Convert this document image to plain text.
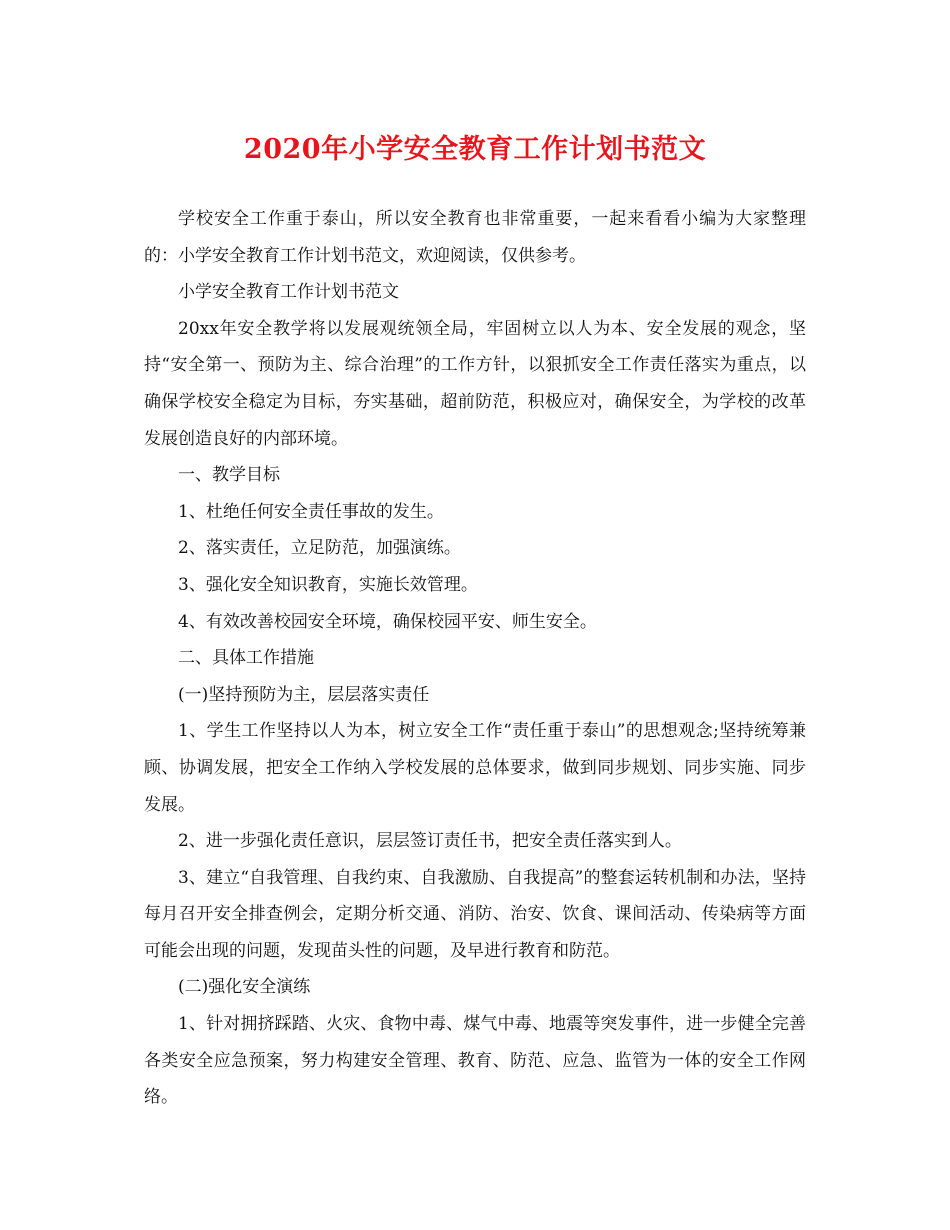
2020年小学安全教育工作计划书范文

学校安全工作重于泰山，所以安全教育也非常重要，一起来看看小编为大家整理的：小学安全教育工作计划书范文，欢迎阅读，仅供参考。

小学安全教育工作计划书范文

20xx年安全教学将以发展观统领全局，牢固树立以人为本、安全发展的观念，坚持“安全第一、预防为主、综合治理”的工作方针，以狠抓安全工作责任落实为重点，以确保学校安全稳定为目标，夯实基础，超前防范，积极应对，确保安全，为学校的改革发展创造良好的内部环境。

一、教学目标

1、杜绝任何安全责任事故的发生。

2、落实责任，立足防范，加强演练。

3、强化安全知识教育，实施长效管理。

4、有效改善校园安全环境，确保校园平安、师生安全。

二、具体工作措施

(一)坚持预防为主，层层落实责任

1、学生工作坚持以人为本，树立安全工作“责任重于泰山”的思想观念;坚持统筹兼顾、协调发展，把安全工作纳入学校发展的总体要求，做到同步规划、同步实施、同步发展。

2、进一步强化责任意识，层层签订责任书，把安全责任落实到人。

3、建立“自我管理、自我约束、自我激励、自我提高”的整套运转机制和办法，坚持每月召开安全排查例会，定期分析交通、消防、治安、饮食、课间活动、传染病等方面可能会出现的问题，发现苗头性的问题，及早进行教育和防范。

(二)强化安全演练

1、针对拥挤踩踏、火灾、食物中毒、煤气中毒、地震等突发事件，进一步健全完善各类安全应急预案，努力构建安全管理、教育、防范、应急、监管为一体的安全工作网络。
